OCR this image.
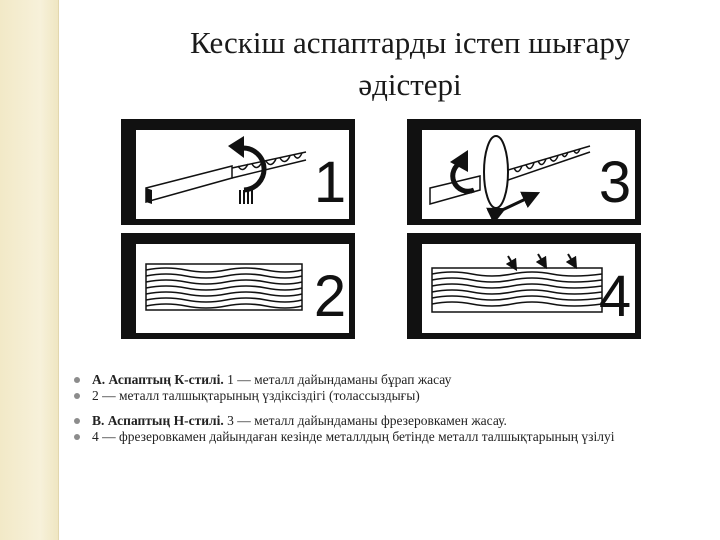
Кескіш аспаптарды істеп шығару
әдістері
1	3
2	4
А. Аспаптың К-стилі. 1 — металл дайындаманы бұрап жасау
2 — металл талшықтарының үздіксіздігі (толассыздығы)
В. Аспаптың Н-стилі. 3 — металл дайындаманы фрезеровкамен жасау.
4 — фрезеровкамен дайындаған кезінде металлдың бетінде металл талшықтарының үзілуі
